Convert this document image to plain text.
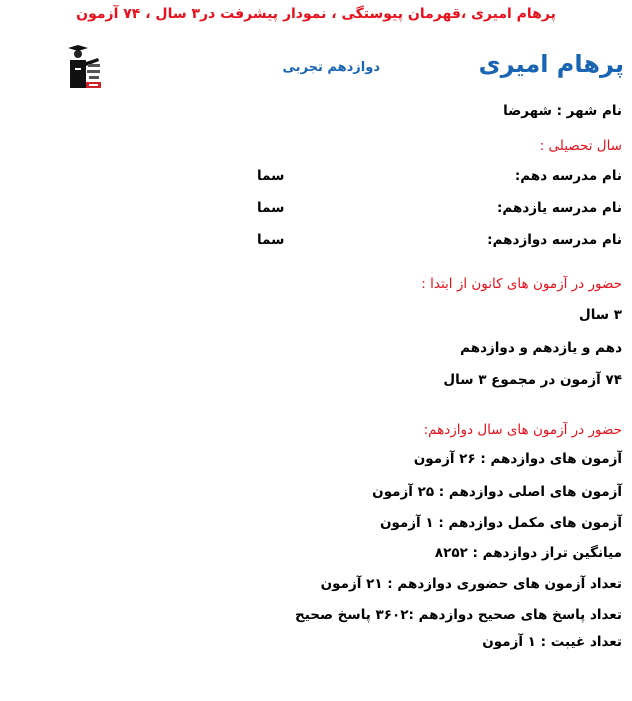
پرهام امیری ،قهرمان پیوستگی ، نمودار پیشرفت در۳ سال ، ۷۴ آزمون
پرهام امیری
دوازدهم تجربی
نام شهر : شهرضا
سال تحصیلی :
نام مدرسه دهم:
سما
نام مدرسه یازدهم:
سما
نام مدرسه دوازدهم:
سما
حضور در آزمون های کانون از ابتدا :
۳ سال
دهم و یازدهم و دوازدهم
۷۴ آزمون در مجموع ۳ سال
حضور در آزمون های سال دوازدهم:
آزمون های دوازدهم : ۲۶ آزمون
آزمون های اصلی دوازدهم : ۲۵ آزمون
آزمون های مکمل دوازدهم : ۱ آزمون
میانگین تراز دوازدهم : ۸۲۵۲
تعداد آزمون های حضوری دوازدهم : ۲۱ آزمون
تعداد پاسخ های صحیح دوازدهم :۳۶۰۲ پاسخ صحیح
تعداد غیبت : ۱ آزمون
